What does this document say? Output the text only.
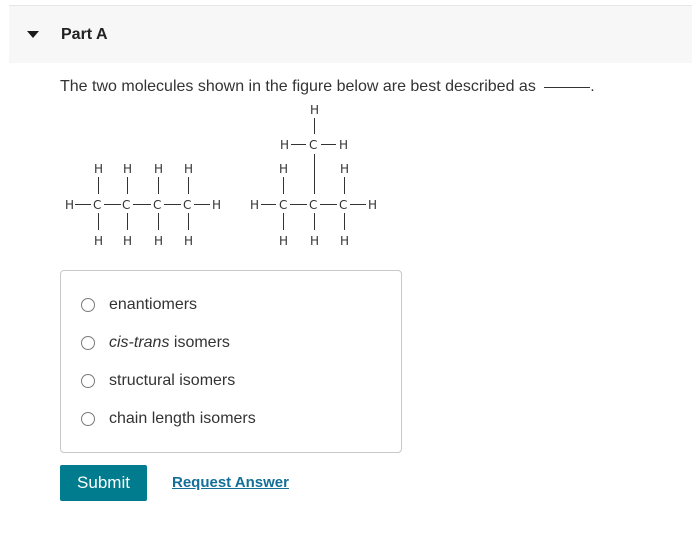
Part A
The two molecules shown in the figure below are best described as	.
H H H H
H C C C C H
H H H H
H
H C H
H	H
H C C C H
H H H
enantiomers
cis-trans isomers
structural isomers
chain length isomers
Submit	Request Answer
